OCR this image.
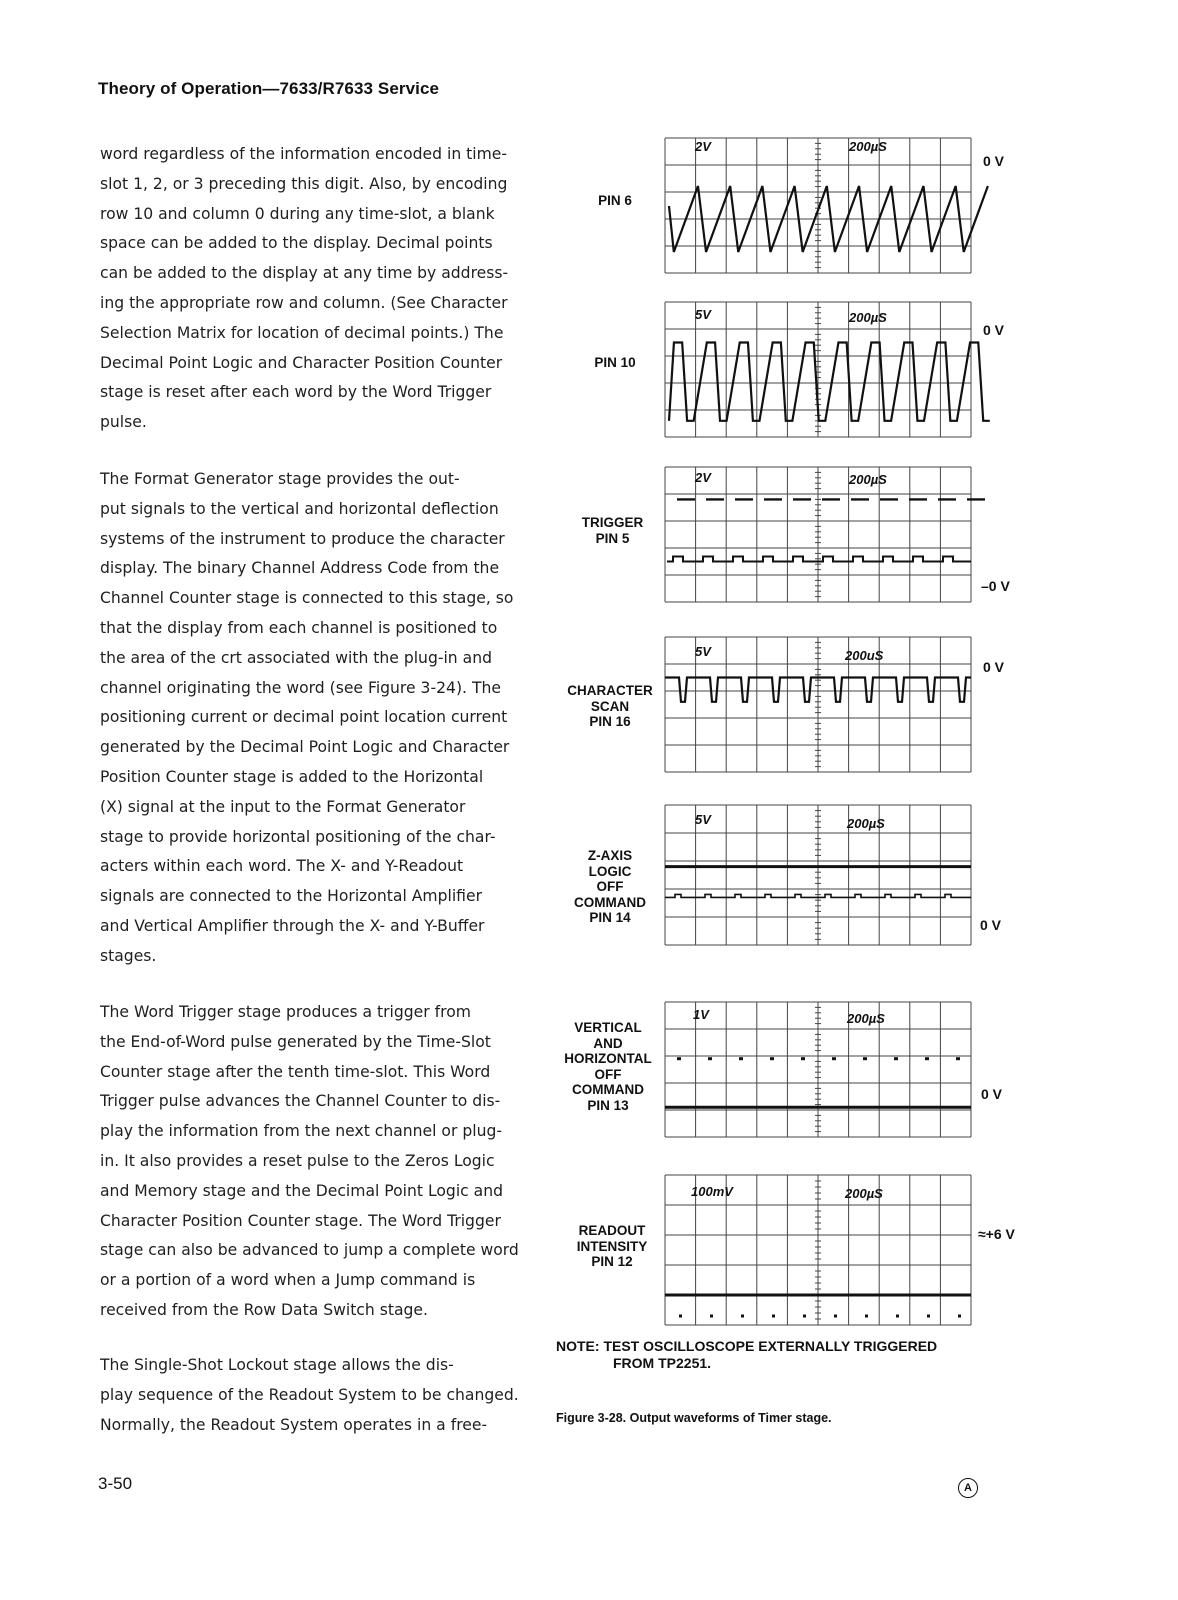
Theory of Operation—7633/R7633 Service

word regardless of the information encoded in time-
slot 1, 2, or 3 preceding this digit. Also, by encoding
row 10 and column 0 during any time-slot, a blank
space can be added to the display. Decimal points
can be added to the display at any time by address-
ing the appropriate row and column. (See Character
Selection Matrix for location of decimal points.) The
Decimal Point Logic and Character Position Counter
stage is reset after each word by the Word Trigger
pulse.

The Format Generator stage provides the out-
put signals to the vertical and horizontal deflection
systems of the instrument to produce the character
display. The binary Channel Address Code from the
Channel Counter stage is connected to this stage, so
that the display from each channel is positioned to
the area of the crt associated with the plug-in and
channel originating the word (see Figure 3-24). The
positioning current or decimal point location current
generated by the Decimal Point Logic and Character
Position Counter stage is added to the Horizontal
(X) signal at the input to the Format Generator
stage to provide horizontal positioning of the char-
acters within each word. The X- and Y-Readout
signals are connected to the Horizontal Amplifier
and Vertical Amplifier through the X- and Y-Buffer
stages.

The Word Trigger stage produces a trigger from
the End-of-Word pulse generated by the Time-Slot
Counter stage after the tenth time-slot. This Word
Trigger pulse advances the Channel Counter to dis-
play the information from the next channel or plug-
in. It also provides a reset pulse to the Zeros Logic
and Memory stage and the Decimal Point Logic and
Character Position Counter stage. The Word Trigger
stage can also be advanced to jump a complete word
or a portion of a word when a Jump command is
received from the Row Data Switch stage.

The Single-Shot Lockout stage allows the dis-
play sequence of the Readout System to be changed.
Normally, the Readout System operates in a free-

PIN 6
2V	200µS
0 V
PIN 10
5V	200µS
0 V
TRIGGER
PIN 5
2V	200µS
–0 V
CHARACTER
SCAN
PIN 16
5V	200uS
0 V
Z-AXIS
LOGIC
OFF
COMMAND
PIN 14
5V	200µS
0 V
VERTICAL
AND
HORIZONTAL
OFF
COMMAND
PIN 13
1V	200µS
0 V
READOUT
INTENSITY
PIN 12
100mV	200µS
≈+6 V
NOTE: TEST OSCILLOSCOPE EXTERNALLY TRIGGERED
FROM TP2251.
Figure 3-28. Output waveforms of Timer stage.
3-50	A
